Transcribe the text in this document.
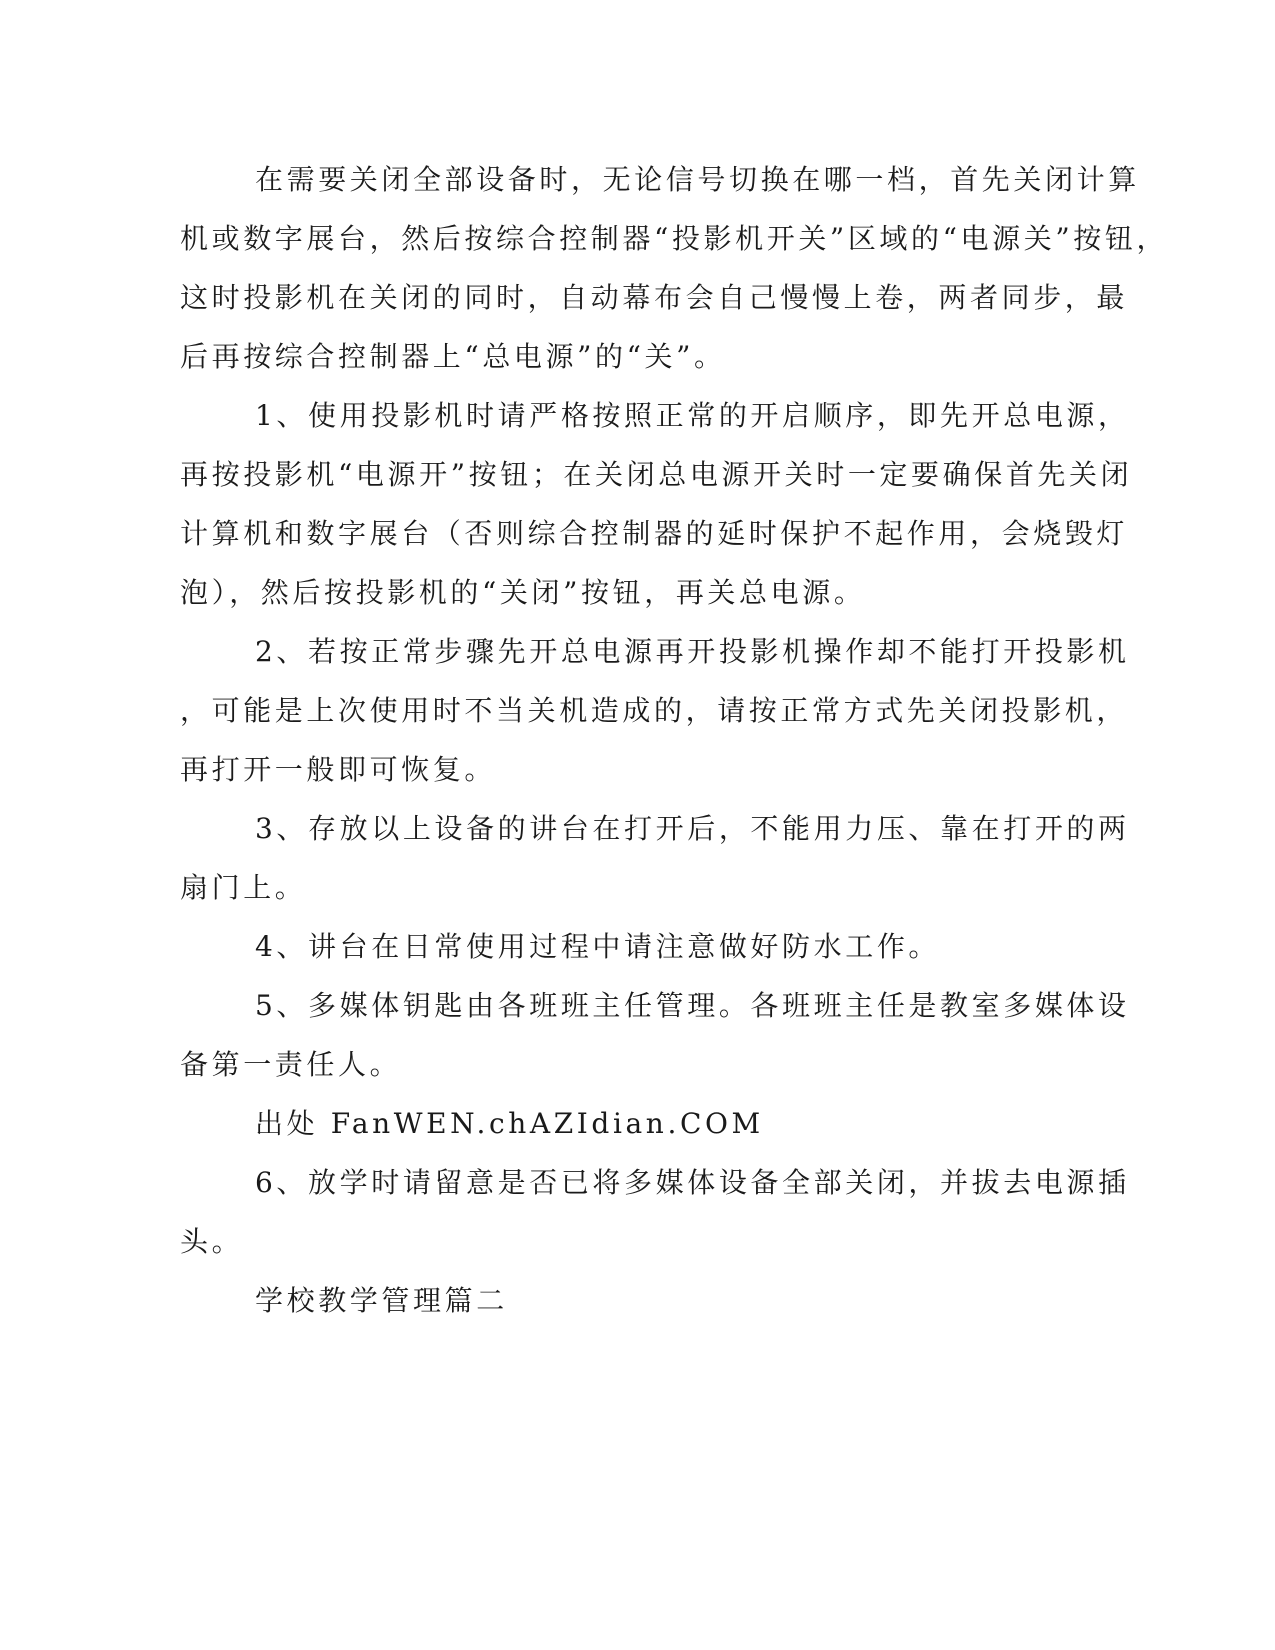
在需要关闭全部设备时，无论信号切换在哪一档，首先关闭计算
机或数字展台，然后按综合控制器“投影机开关”区域的“电源关”按钮，
这时投影机在关闭的同时，自动幕布会自己慢慢上卷，两者同步，最
后再按综合控制器上“总电源”的“关”。
1、使用投影机时请严格按照正常的开启顺序，即先开总电源，
再按投影机“电源开”按钮；在关闭总电源开关时一定要确保首先关闭
计算机和数字展台（否则综合控制器的延时保护不起作用，会烧毁灯
泡），然后按投影机的“关闭”按钮，再关总电源。
2、若按正常步骤先开总电源再开投影机操作却不能打开投影机
，可能是上次使用时不当关机造成的，请按正常方式先关闭投影机，
再打开一般即可恢复。
3、存放以上设备的讲台在打开后，不能用力压、靠在打开的两
扇门上。
4、讲台在日常使用过程中请注意做好防水工作。
5、多媒体钥匙由各班班主任管理。各班班主任是教室多媒体设
备第一责任人。
出处 FanWEN.chAZIdian.COM
6、放学时请留意是否已将多媒体设备全部关闭，并拔去电源插
头。
学校教学管理篇二
